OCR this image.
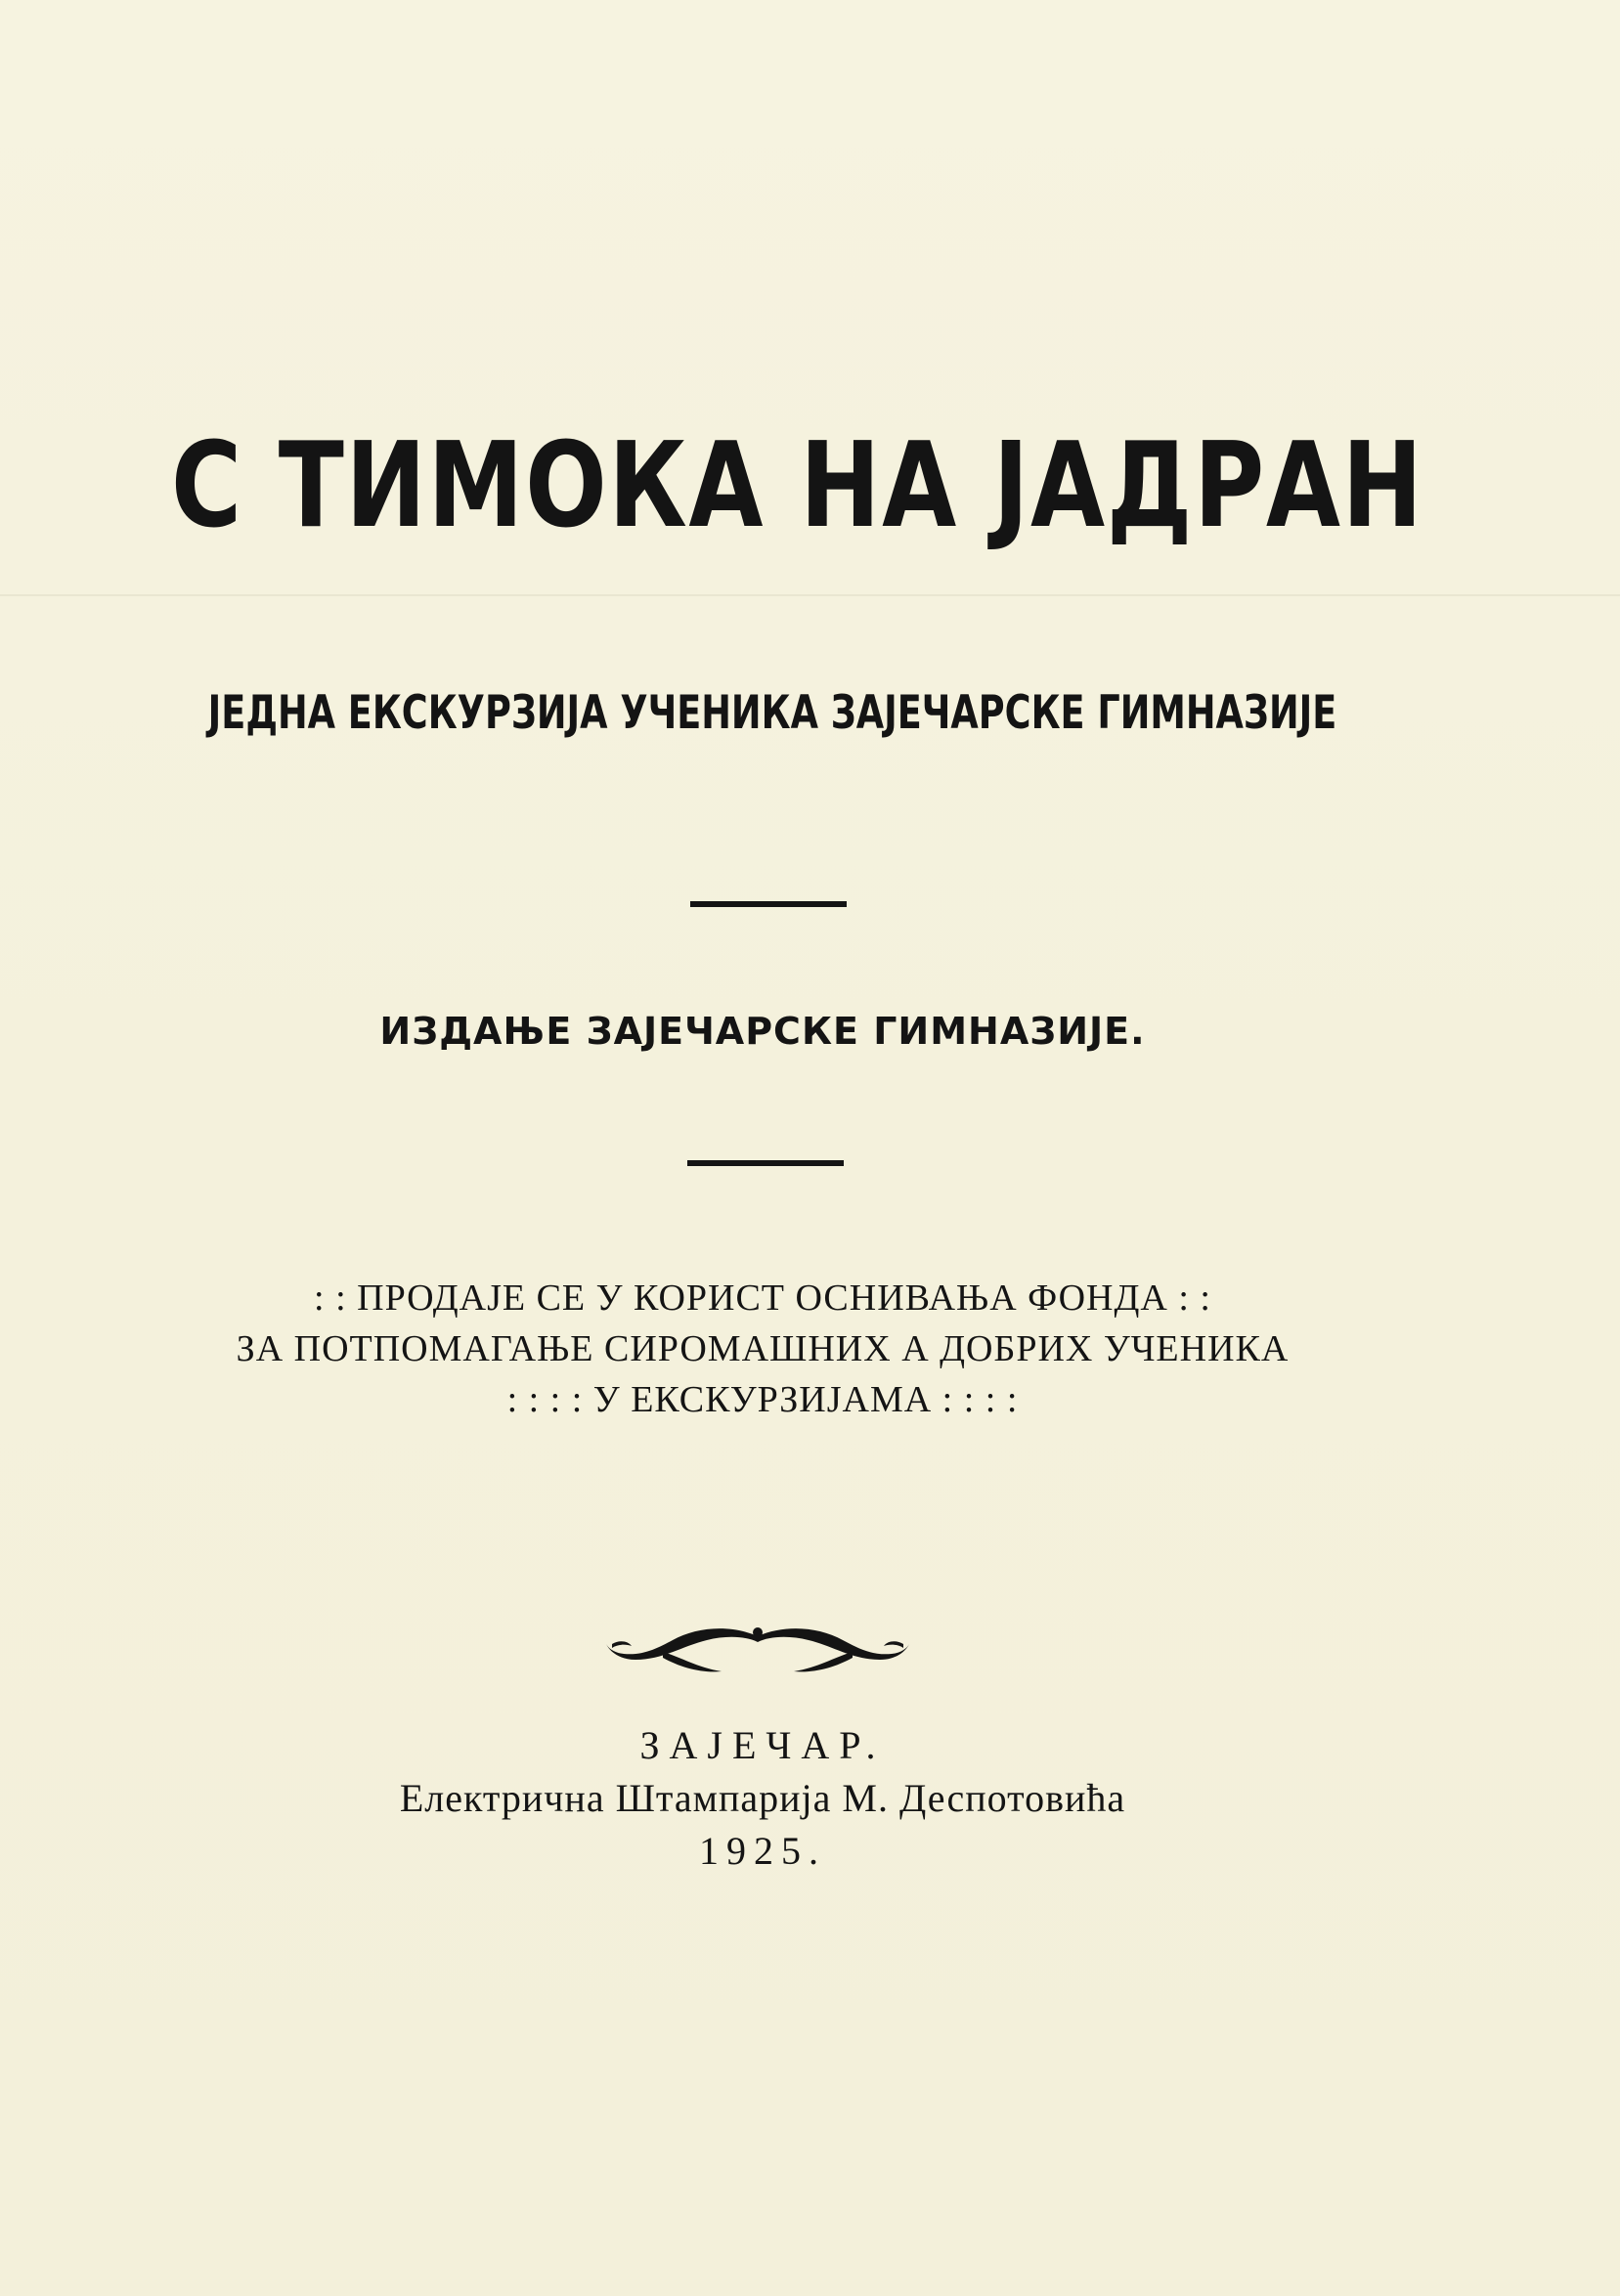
С ТИМОКА НА ЈАДРАН
ЈЕДНА ЕКСКУРЗИЈА УЧЕНИКА ЗАЈЕЧАРСКЕ ГИМНАЗИЈЕ
ИЗДАЊЕ ЗАЈЕЧАРСКЕ ГИМНАЗИЈЕ.
: : ПРОДАЈЕ СЕ У КОРИСТ ОСНИВАЊА ФОНДА : :
ЗА ПОТПОМАГАЊЕ СИРОМАШНИХ А ДОБРИХ УЧЕНИКА
: : : : У ЕКСКУРЗИЈАМА : : : :
ЗАЈЕЧАР.
Електрична Штампарија М. Деспотовића
1925.
